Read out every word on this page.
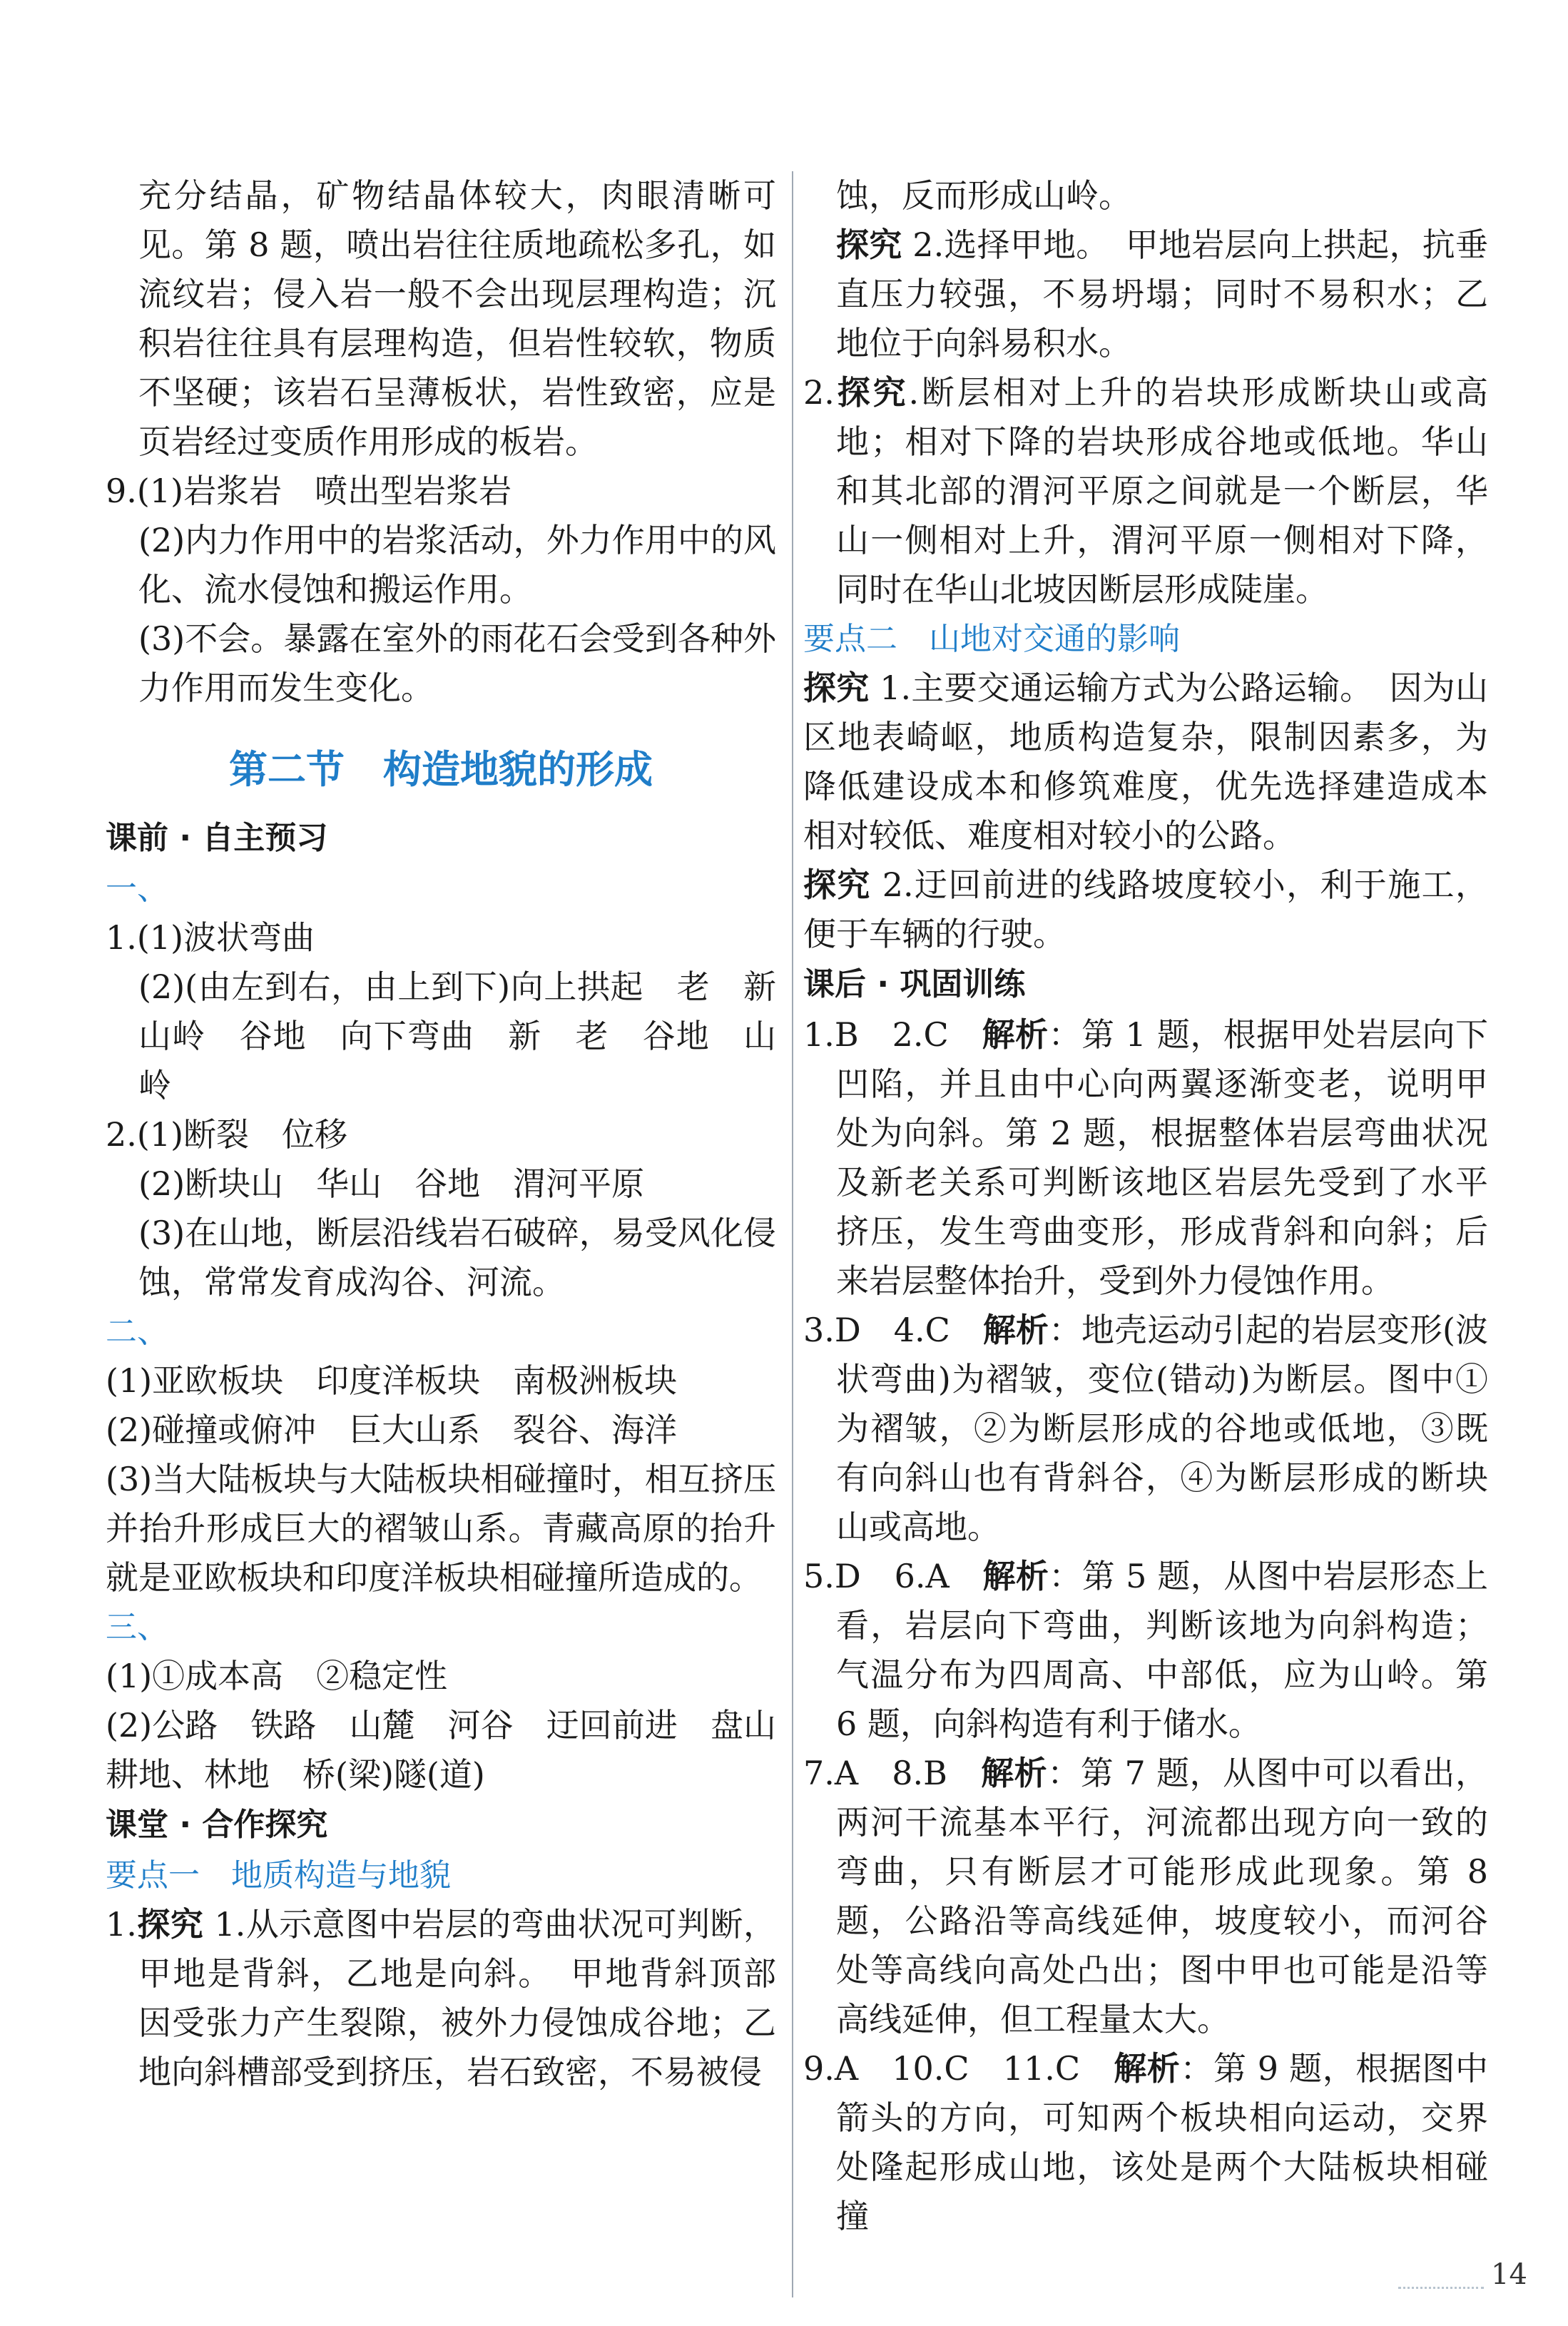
充分结晶，矿物结晶体较大，肉眼清晰可见。第 8 题，喷出岩往往质地疏松多孔，如流纹岩；侵入岩一般不会出现层理构造；沉积岩往往具有层理构造，但岩性较软，物质不坚硬；该岩石呈薄板状，岩性致密，应是页岩经过变质作用形成的板岩。

9.(1)岩浆岩　喷出型岩浆岩

(2)内力作用中的岩浆活动，外力作用中的风化、流水侵蚀和搬运作用。

(3)不会。暴露在室外的雨花石会受到各种外力作用而发生变化。

第二节　构造地貌的形成

课前 · 自主预习

一、

1.(1)波状弯曲

(2)(由左到右，由上到下)向上拱起　老　新　山岭　谷地　向下弯曲　新　老　谷地　山岭

2.(1)断裂　位移

(2)断块山　华山　谷地　渭河平原

(3)在山地，断层沿线岩石破碎，易受风化侵蚀，常常发育成沟谷、河流。

二、

(1)亚欧板块　印度洋板块　南极洲板块

(2)碰撞或俯冲　巨大山系　裂谷、海洋

(3)当大陆板块与大陆板块相碰撞时，相互挤压并抬升形成巨大的褶皱山系。青藏高原的抬升就是亚欧板块和印度洋板块相碰撞所造成的。

三、

(1)①成本高　②稳定性

(2)公路　铁路　山麓　河谷　迂回前进　盘山　耕地、林地　桥(梁)隧(道)

课堂 · 合作探究

要点一　地质构造与地貌

1.探究 1.从示意图中岩层的弯曲状况可判断，甲地是背斜，乙地是向斜。　甲地背斜顶部因受张力产生裂隙，被外力侵蚀成谷地；乙地向斜槽部受到挤压，岩石致密，不易被侵

蚀，反而形成山岭。

探究 2.选择甲地。　甲地岩层向上拱起，抗垂直压力较强，不易坍塌；同时不易积水；乙地位于向斜易积水。

2.探究.断层相对上升的岩块形成断块山或高地；相对下降的岩块形成谷地或低地。华山和其北部的渭河平原之间就是一个断层，华山一侧相对上升，渭河平原一侧相对下降，同时在华山北坡因断层形成陡崖。

要点二　山地对交通的影响

探究 1.主要交通运输方式为公路运输。　因为山区地表崎岖，地质构造复杂，限制因素多，为降低建设成本和修筑难度，优先选择建造成本相对较低、难度相对较小的公路。

探究 2.迂回前进的线路坡度较小，利于施工，便于车辆的行驶。

课后 · 巩固训练

1.B　2.C　解析：第 1 题，根据甲处岩层向下凹陷，并且由中心向两翼逐渐变老，说明甲处为向斜。第 2 题，根据整体岩层弯曲状况及新老关系可判断该地区岩层先受到了水平挤压，发生弯曲变形，形成背斜和向斜；后来岩层整体抬升，受到外力侵蚀作用。

3.D　4.C　解析：地壳运动引起的岩层变形(波状弯曲)为褶皱，变位(错动)为断层。图中①为褶皱，②为断层形成的谷地或低地，③既有向斜山也有背斜谷，④为断层形成的断块山或高地。

5.D　6.A　解析：第 5 题，从图中岩层形态上看，岩层向下弯曲，判断该地为向斜构造；气温分布为四周高、中部低，应为山岭。第 6 题，向斜构造有利于储水。

7.A　8.B　解析：第 7 题，从图中可以看出，两河干流基本平行，河流都出现方向一致的弯曲，只有断层才可能形成此现象。第 8 题，公路沿等高线延伸，坡度较小，而河谷处等高线向高处凸出；图中甲也可能是沿等高线延伸，但工程量太大。

9.A　10.C　11.C　解析：第 9 题，根据图中箭头的方向，可知两个板块相向运动，交界处隆起形成山地，该处是两个大陆板块相碰撞

14
